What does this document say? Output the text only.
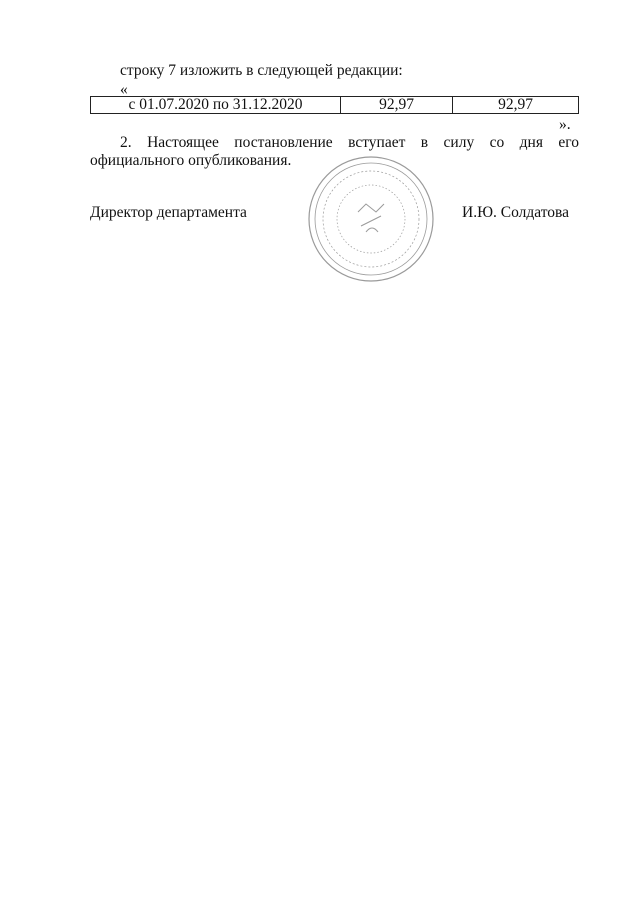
строку 7 изложить в следующей редакции:
«
с 01.07.2020 по 31.12.2020	92,97	92,97
».
2. Настоящее постановление вступает в силу со дня его
официального опубликования.
Директор департамента	И.Ю. Солдатова
